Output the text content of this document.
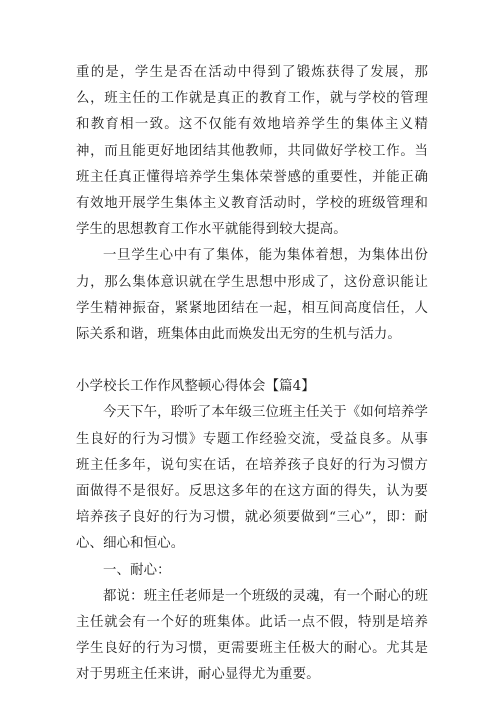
重的是，学生是否在活动中得到了锻炼获得了发展，那么，班主任的工作就是真正的教育工作，就与学校的管理和教育相一致。这不仅能有效地培养学生的集体主义精神，而且能更好地团结其他教师，共同做好学校工作。当班主任真正懂得培养学生集体荣誉感的重要性，并能正确有效地开展学生集体主义教育活动时，学校的班级管理和学生的思想教育工作水平就能得到较大提高。

一旦学生心中有了集体，能为集体着想，为集体出份力，那么集体意识就在学生思想中形成了，这份意识能让学生精神振奋，紧紧地团结在一起，相互间高度信任，人际关系和谐，班集体由此而焕发出无穷的生机与活力。

小学校长工作作风整顿心得体会【篇4】

今天下午，聆听了本年级三位班主任关于《如何培养学生良好的行为习惯》专题工作经验交流，受益良多。从事班主任多年，说句实在话，在培养孩子良好的行为习惯方面做得不是很好。反思这多年的在这方面的得失，认为要培养孩子良好的行为习惯，就必须要做到“三心”，即：耐心、细心和恒心。

一、耐心：

都说：班主任老师是一个班级的灵魂，有一个耐心的班主任就会有一个好的班集体。此话一点不假，特别是培养学生良好的行为习惯，更需要班主任极大的耐心。尤其是对于男班主任来讲，耐心显得尤为重要。
